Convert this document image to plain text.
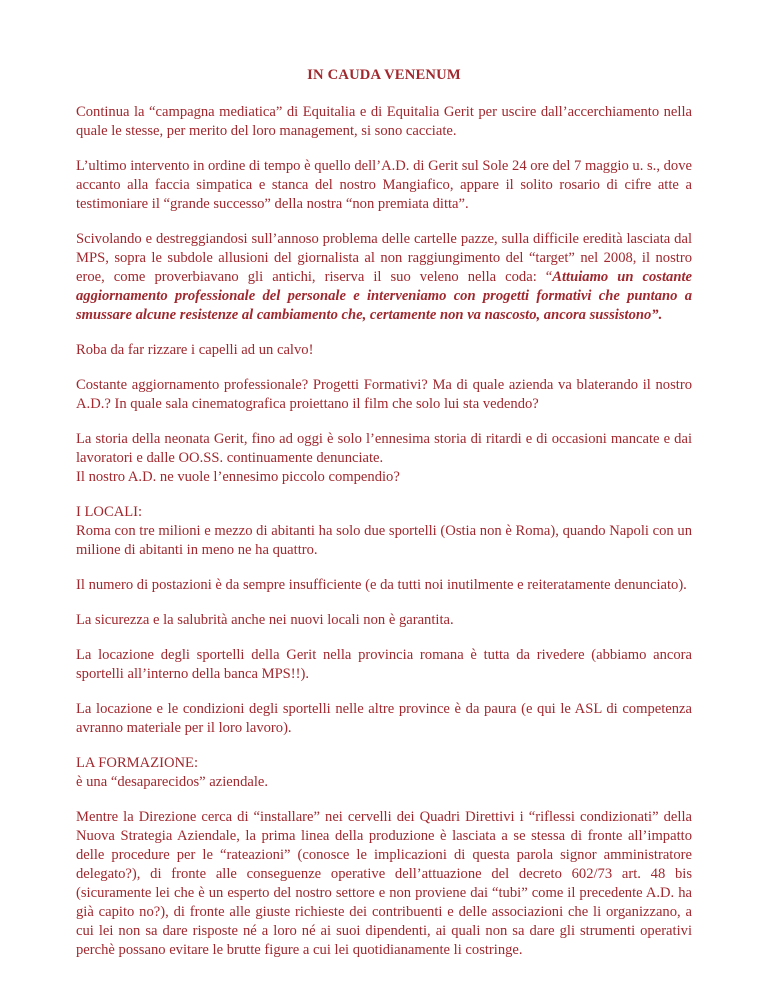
IN CAUDA VENENUM

Continua la “campagna mediatica” di Equitalia e di Equitalia Gerit per uscire dall’accerchiamento nella quale le stesse, per merito del loro management, si sono cacciate.

L’ultimo intervento in ordine di tempo è quello dell’A.D. di Gerit sul Sole 24 ore del 7 maggio u. s., dove accanto alla faccia simpatica e stanca del nostro Mangiafico, appare il solito rosario di cifre atte a testimoniare il “grande successo” della nostra “non premiata ditta”.

Scivolando e destreggiandosi sull’annoso problema delle cartelle pazze, sulla difficile eredità lasciata dal MPS, sopra le subdole allusioni del giornalista al non raggiungimento del “target” nel 2008, il nostro eroe, come proverbiavano gli antichi, riserva il suo veleno nella coda: “Attuiamo un costante aggiornamento professionale del personale e interveniamo con progetti formativi che puntano a smussare alcune resistenze al cambiamento che, certamente non va nascosto, ancora sussistono”.

Roba da far rizzare i capelli ad un calvo!

Costante aggiornamento professionale? Progetti Formativi? Ma di quale azienda va blaterando il nostro A.D.? In quale sala cinematografica proiettano il film che solo lui sta vedendo?

La storia della neonata Gerit, fino ad oggi è solo l’ennesima storia di ritardi e di occasioni mancate e dai lavoratori e dalle OO.SS. continuamente denunciate.
Il nostro A.D. ne vuole l’ennesimo piccolo compendio?

I LOCALI:
Roma con tre milioni e mezzo di abitanti ha solo due sportelli (Ostia non è Roma), quando Napoli con un milione di abitanti in meno ne ha quattro.

Il numero di postazioni è da sempre insufficiente (e da tutti noi inutilmente e reiteratamente denunciato).

La sicurezza e la salubrità anche nei nuovi locali non è garantita.

La locazione degli sportelli della Gerit nella provincia romana è tutta da rivedere (abbiamo ancora sportelli all’interno della banca MPS!!).

La locazione e le condizioni degli sportelli nelle altre province è da paura (e qui le ASL di competenza avranno materiale per il loro lavoro).

LA FORMAZIONE:
è una “desaparecidos” aziendale.

Mentre la Direzione cerca di “installare” nei cervelli dei Quadri Direttivi i “riflessi condizionati” della Nuova Strategia Aziendale, la prima linea della produzione è lasciata a se stessa di fronte all’impatto delle procedure per le “rateazioni” (conosce le implicazioni di questa parola signor amministratore delegato?), di fronte alle conseguenze operative dell’attuazione del decreto 602/73 art. 48 bis (sicuramente lei che è un esperto del nostro settore e non proviene dai “tubi” come il precedente A.D. ha già capito no?), di fronte alle giuste richieste dei contribuenti e delle associazioni che li organizzano, a cui lei non sa dare risposte né a loro né ai suoi dipendenti, ai quali non sa dare gli strumenti operativi perchè possano evitare le brutte figure a cui lei quotidianamente li costringe.
